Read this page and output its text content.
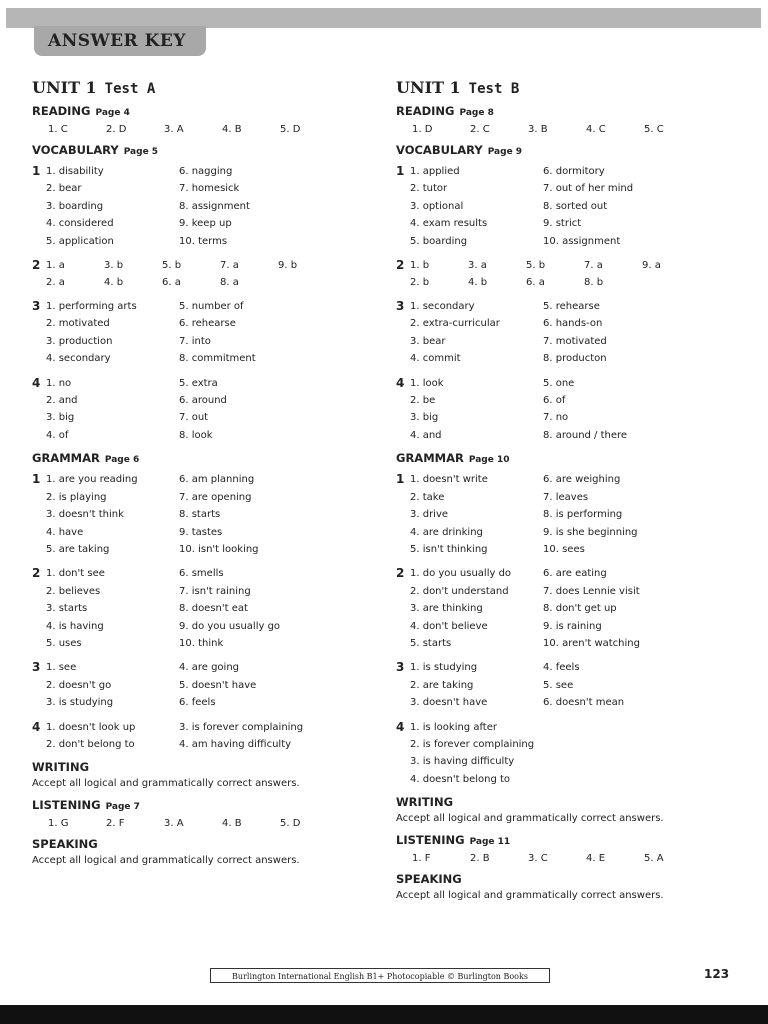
ANSWER KEY
UNIT 1 Test A
READING Page 4
1. C	2. D	3. A	4. B	5. D
VOCABULARY Page 5
1 1. disability
2. bear
3. boarding
4. considered
5. application
6. nagging
7. homesick
8. assignment
9. keep up
10. terms
2 1. a	3. b	5. b	7. a	9. b
2. a	4. b	6. a	8. a
3 1. performing arts
2. motivated
3. production
4. secondary
5. number of
6. rehearse
7. into
8. commitment
4 1. no
2. and
3. big
4. of
5. extra
6. around
7. out
8. look
GRAMMAR Page 6
1 1. are you reading
2. is playing
3. doesn't think
4. have
5. are taking
6. am planning
7. are opening
8. starts
9. tastes
10. isn't looking
2 1. don't see
2. believes
3. starts
4. is having
5. uses
6. smells
7. isn't raining
8. doesn't eat
9. do you usually go
10. think
3 1. see
2. doesn't go
3. is studying
4. are going
5. doesn't have
6. feels
4 1. doesn't look up
2. don't belong to
3. is forever complaining
4. am having difficulty
WRITING
Accept all logical and grammatically correct answers.
LISTENING Page 7
1. G	2. F	3. A	4. B	5. D
SPEAKING
Accept all logical and grammatically correct answers.
UNIT 1 Test B
READING Page 8
1. D	2. C	3. B	4. C	5. C
VOCABULARY Page 9
1 1. applied
2. tutor
3. optional
4. exam results
5. boarding
6. dormitory
7. out of her mind
8. sorted out
9. strict
10. assignment
2 1. b	3. a	5. b	7. a	9. a
2. b	4. b	6. a	8. b
3 1. secondary
2. extra-curricular
3. bear
4. commit
5. rehearse
6. hands-on
7. motivated
8. producton
4 1. look
2. be
3. big
4. and
5. one
6. of
7. no
8. around / there
GRAMMAR Page 10
1 1. doesn't write
2. take
3. drive
4. are drinking
5. isn't thinking
6. are weighing
7. leaves
8. is performing
9. is she beginning
10. sees
2 1. do you usually do
2. don't understand
3. are thinking
4. don't believe
5. starts
6. are eating
7. does Lennie visit
8. don't get up
9. is raining
10. aren't watching
3 1. is studying
2. are taking
3. doesn't have
4. feels
5. see
6. doesn't mean
4 1. is looking after
2. is forever complaining
3. is having difficulty
4. doesn't belong to
WRITING
Accept all logical and grammatically correct answers.
LISTENING Page 11
1. F	2. B	3. C	4. E	5. A
SPEAKING
Accept all logical and grammatically correct answers.
Burlington International English B1+ Photocopiable © Burlington Books	123
